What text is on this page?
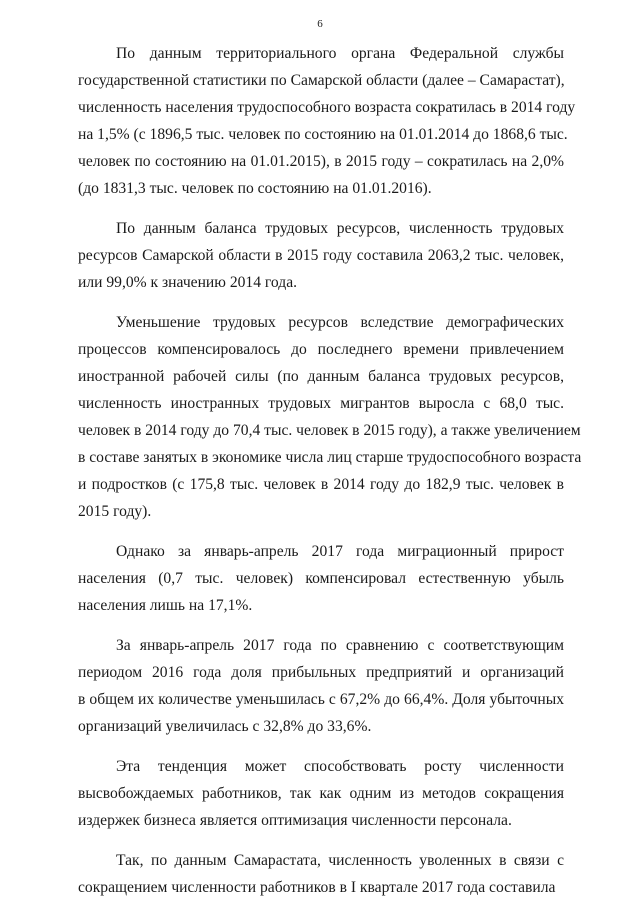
6
По данным территориального органа Федеральной службы
государственной статистики по Самарской области (далее – Самарастат),
численность населения трудоспособного возраста сократилась в 2014 году
на 1,5% (с 1896,5 тыс. человек по состоянию на 01.01.2014 до 1868,6 тыс.
человек по состоянию на 01.01.2015), в 2015 году – сократилась на 2,0%
(до 1831,3 тыс. человек по состоянию на 01.01.2016).
По данным баланса трудовых ресурсов, численность трудовых
ресурсов Самарской области в 2015 году составила 2063,2 тыс. человек,
или 99,0% к значению 2014 года.
Уменьшение трудовых ресурсов вследствие демографических
процессов компенсировалось до последнего времени привлечением
иностранной рабочей силы (по данным баланса трудовых ресурсов,
численность иностранных трудовых мигрантов выросла с 68,0 тыс.
человек в 2014 году до 70,4 тыс. человек в 2015 году), а также увеличением
в составе занятых в экономике числа лиц старше трудоспособного возраста
и подростков (с 175,8 тыс. человек в 2014 году до 182,9 тыс. человек в
2015 году).
Однако за январь-апрель 2017 года миграционный прирост
населения (0,7 тыс. человек) компенсировал естественную убыль
населения лишь на 17,1%.
За январь-апрель 2017 года по сравнению с соответствующим
периодом 2016 года доля прибыльных предприятий и организаций
в общем их количестве уменьшилась с 67,2% до 66,4%. Доля убыточных
организаций увеличилась с 32,8% до 33,6%.
Эта тенденция может способствовать росту численности
высвобождаемых работников, так как одним из методов сокращения
издержек бизнеса является оптимизация численности персонала.
Так, по данным Самарастата, численность уволенных в связи с
сокращением численности работников в I квартале 2017 года составила
